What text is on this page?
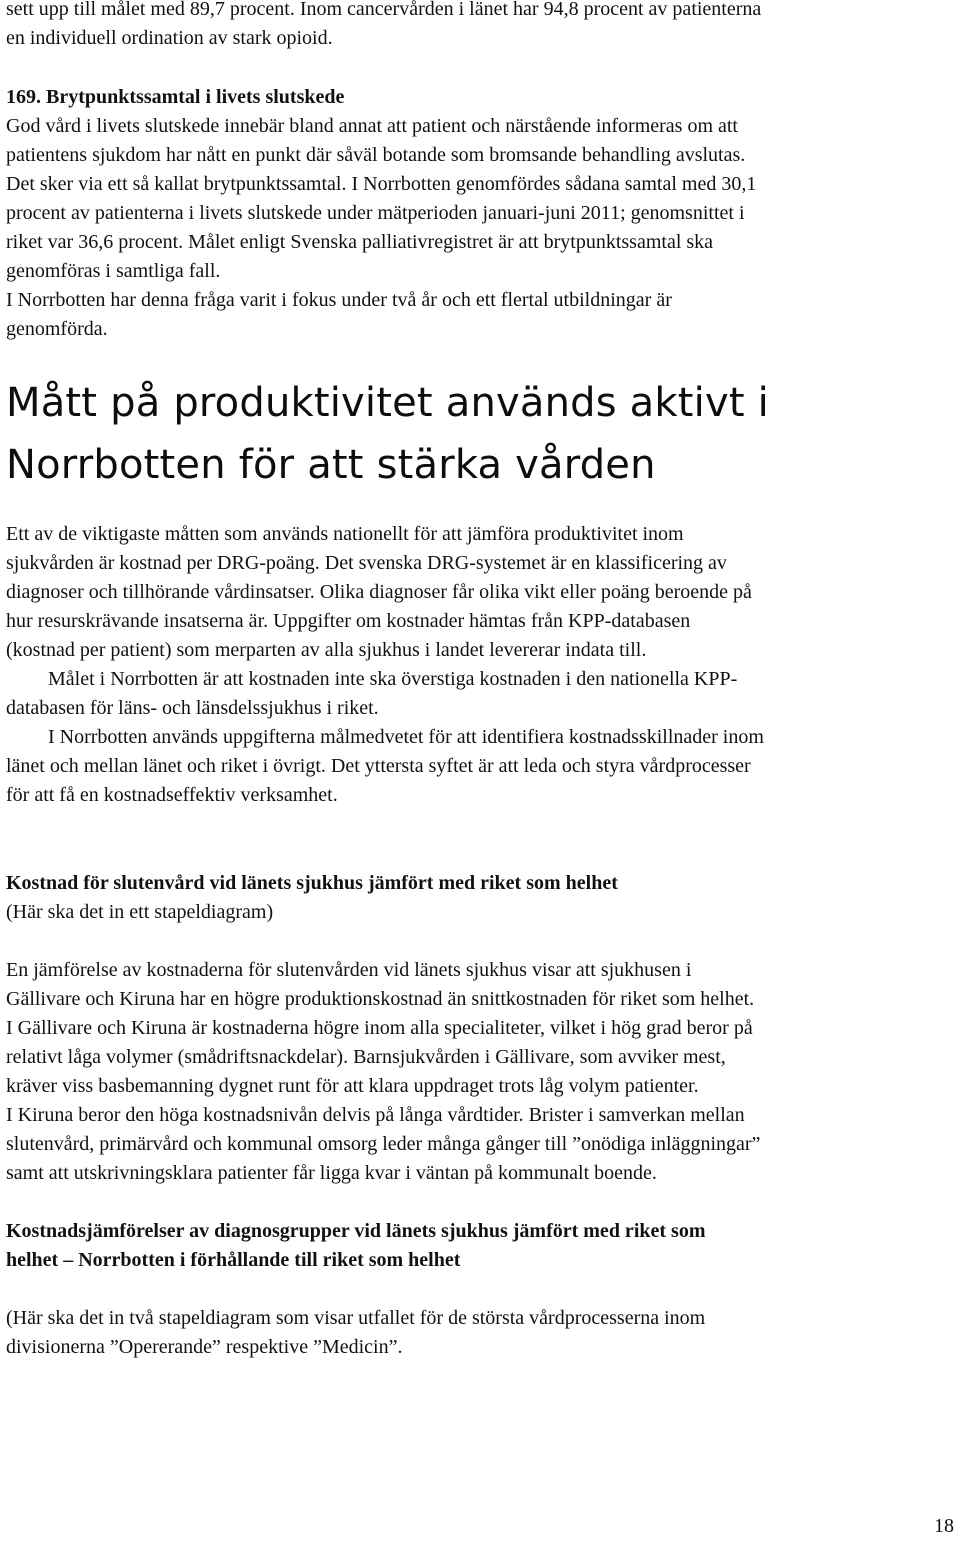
sett upp till målet med 89,7 procent. Inom cancervården i länet har 94,8 procent av patienterna
en individuell ordination av stark opioid.

169. Brytpunktssamtal i livets slutskede
God vård i livets slutskede innebär bland annat att patient och närstående informeras om att
patientens sjukdom har nått en punkt där såväl botande som bromsande behandling avslutas.
Det sker via ett så kallat brytpunktssamtal. I Norrbotten genomfördes sådana samtal med 30,1
procent av patienterna i livets slutskede under mätperioden januari-juni 2011; genomsnittet i
riket var 36,6 procent. Målet enligt Svenska palliativregistret är att brytpunktssamtal ska
genomföras i samtliga fall.
I Norrbotten har denna fråga varit i fokus under två år och ett flertal utbildningar är
genomförda.

Mått på produktivitet används aktivt i
Norrbotten för att stärka vården

Ett av de viktigaste måtten som används nationellt för att jämföra produktivitet inom
sjukvården är kostnad per DRG-poäng. Det svenska DRG-systemet är en klassificering av
diagnoser och tillhörande vårdinsatser. Olika diagnoser får olika vikt eller poäng beroende på
hur resurskrävande insatserna är. Uppgifter om kostnader hämtas från KPP-databasen
(kostnad per patient) som merparten av alla sjukhus i landet levererar indata till.
Målet i Norrbotten är att kostnaden inte ska överstiga kostnaden i den nationella KPP-
databasen för läns- och länsdelssjukhus i riket.
I Norrbotten används uppgifterna målmedvetet för att identifiera kostnadsskillnader inom
länet och mellan länet och riket i övrigt. Det yttersta syftet är att leda och styra vårdprocesser
för att få en kostnadseffektiv verksamhet.

Kostnad för slutenvård vid länets sjukhus jämfört med riket som helhet
(Här ska det in ett stapeldiagram)

En jämförelse av kostnaderna för slutenvården vid länets sjukhus visar att sjukhusen i
Gällivare och Kiruna har en högre produktionskostnad än snittkostnaden för riket som helhet.
I Gällivare och Kiruna är kostnaderna högre inom alla specialiteter, vilket i hög grad beror på
relativt låga volymer (smådriftsnackdelar). Barnsjukvården i Gällivare, som avviker mest,
kräver viss basbemanning dygnet runt för att klara uppdraget trots låg volym patienter.
I Kiruna beror den höga kostnadsnivån delvis på långa vårdtider. Brister i samverkan mellan
slutenvård, primärvård och kommunal omsorg leder många gånger till ”onödiga inläggningar”
samt att utskrivningsklara patienter får ligga kvar i väntan på kommunalt boende.

Kostnadsjämförelser av diagnosgrupper vid länets sjukhus jämfört med riket som
helhet – Norrbotten i förhållande till riket som helhet

(Här ska det in två stapeldiagram som visar utfallet för de största vårdprocesserna inom
divisionerna ”Opererande” respektive ”Medicin”.

18
